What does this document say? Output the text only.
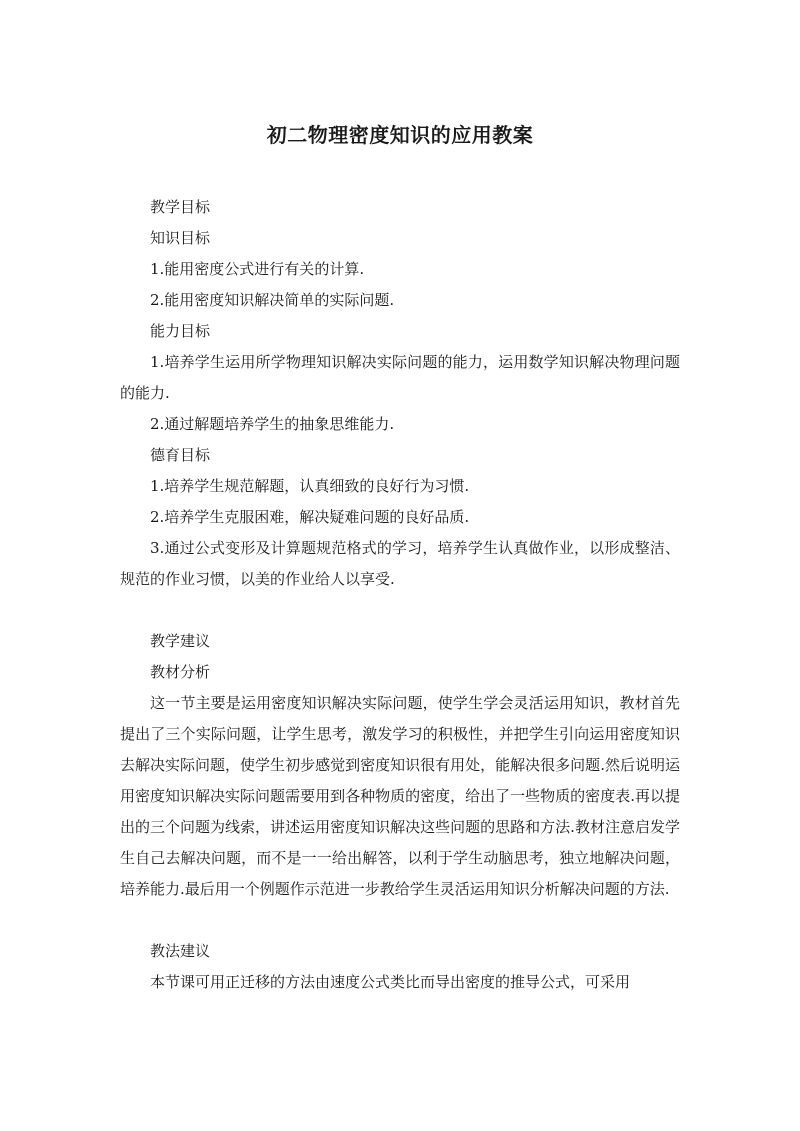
初二物理密度知识的应用教案

教学目标

知识目标

1.能用密度公式进行有关的计算.

2.能用密度知识解决简单的实际问题.

能力目标

1.培养学生运用所学物理知识解决实际问题的能力，运用数学知识解决物理问题的能力.

2.通过解题培养学生的抽象思维能力.

德育目标

1.培养学生规范解题，认真细致的良好行为习惯.

2.培养学生克服困难，解决疑难问题的良好品质.

3.通过公式变形及计算题规范格式的学习，培养学生认真做作业，以形成整洁、规范的作业习惯，以美的作业给人以享受.

教学建议

教材分析

这一节主要是运用密度知识解决实际问题，使学生学会灵活运用知识，教材首先提出了三个实际问题，让学生思考，激发学习的积极性，并把学生引向运用密度知识去解决实际问题，使学生初步感觉到密度知识很有用处，能解决很多问题.然后说明运用密度知识解决实际问题需要用到各种物质的密度，给出了一些物质的密度表.再以提出的三个问题为线索，讲述运用密度知识解决这些问题的思路和方法.教材注意启发学生自己去解决问题，而不是一一给出解答，以利于学生动脑思考，独立地解决问题，培养能力.最后用一个例题作示范进一步教给学生灵活运用知识分析解决问题的方法.

教法建议

本节课可用正迁移的方法由速度公式类比而导出密度的推导公式，可采用
